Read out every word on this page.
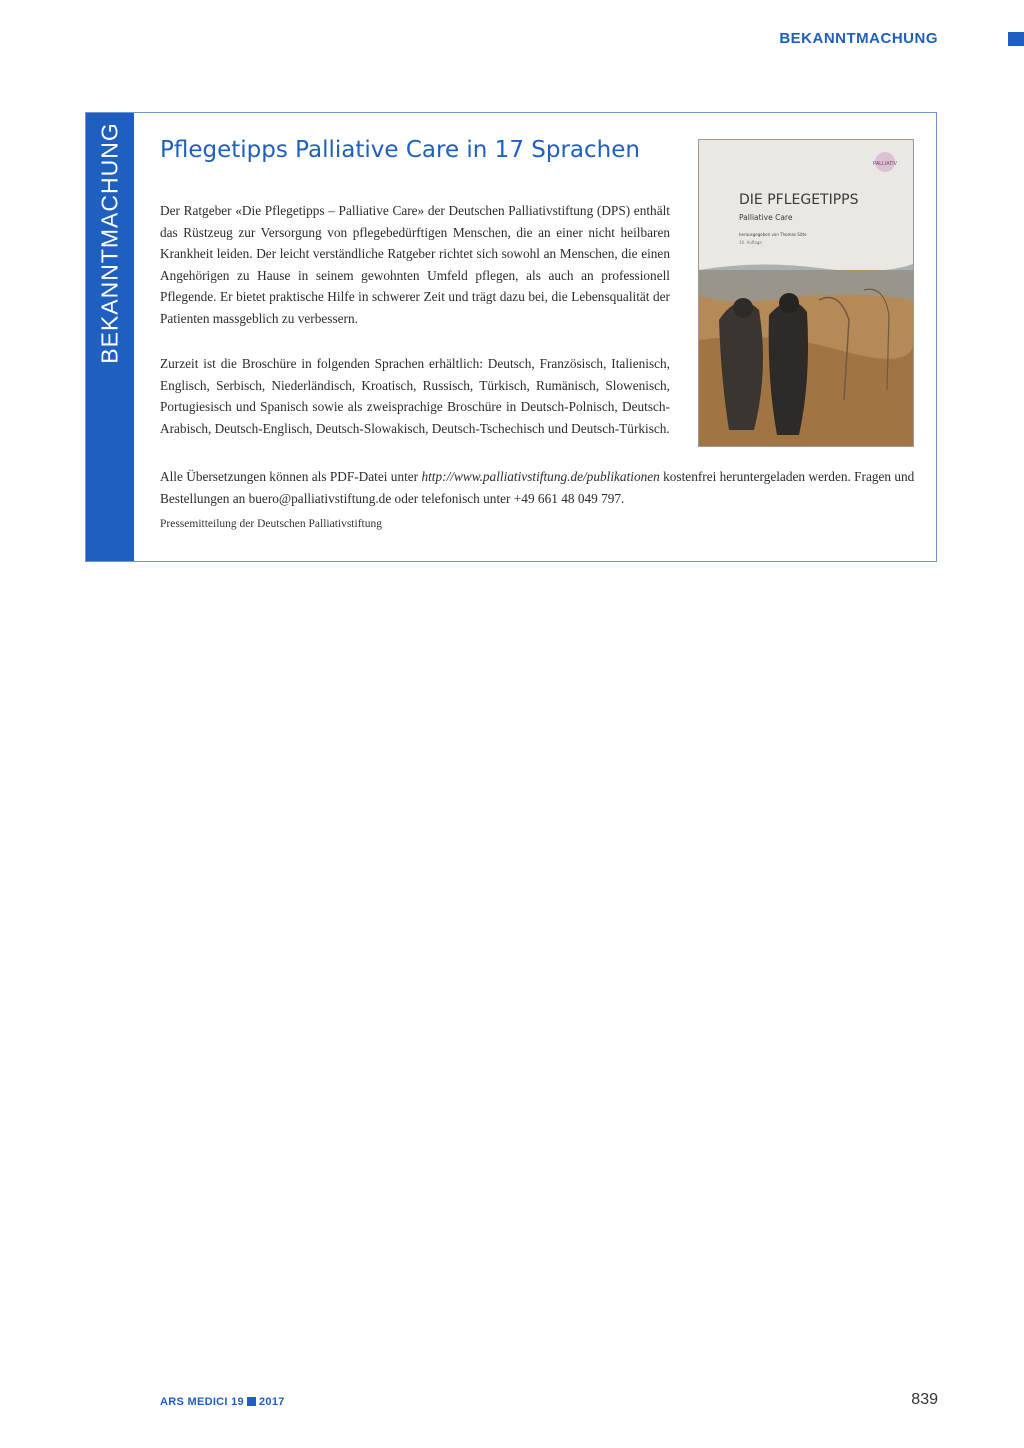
BEKANNTMACHUNG
BEKANNTMACHUNG Pflegetipps Palliative Care in 17 Sprachen

Der Ratgeber «Die Pflegetipps – Palliative Care» der Deutschen Palliativstiftung (DPS) enthält das Rüstzeug zur Versorgung von pflegebedürftigen Menschen, die an einer nicht heilbaren Krankheit leiden. Der leicht verständliche Ratgeber richtet sich sowohl an Menschen, die einen Angehörigen zu Hause in seinem gewohnten Umfeld pflegen, als auch an professionell Pflegende. Er bietet praktische Hilfe in schwerer Zeit und trägt dazu bei, die Lebensqualität der Patienten massgeblich zu verbessern.

Zurzeit ist die Broschüre in folgenden Sprachen erhältlich: Deutsch, Französisch, Italienisch, Englisch, Serbisch, Niederländisch, Kroatisch, Russisch, Türkisch, Rumänisch, Slowenisch, Portugiesisch und Spanisch sowie als zweisprachige Broschüre in Deutsch-Polnisch, Deutsch-Arabisch, Deutsch-Englisch, Deutsch-Slowakisch, Deutsch-Tschechisch und Deutsch-Türkisch.

Alle Übersetzungen können als PDF-Datei unter http://www.palliativstiftung.de/publikationen kostenfrei heruntergeladen werden. Fragen und Bestellungen an buero@palliativstiftung.de oder telefonisch unter +49 661 48 049 797.

Pressemitteilung der Deutschen Palliativstiftung

PALLIATIV
DIE PFLEGETIPPS
Palliative Care
herausgegeben von Thomas Sitte
10. Auflage
ARS MEDICI 19 2017	839
